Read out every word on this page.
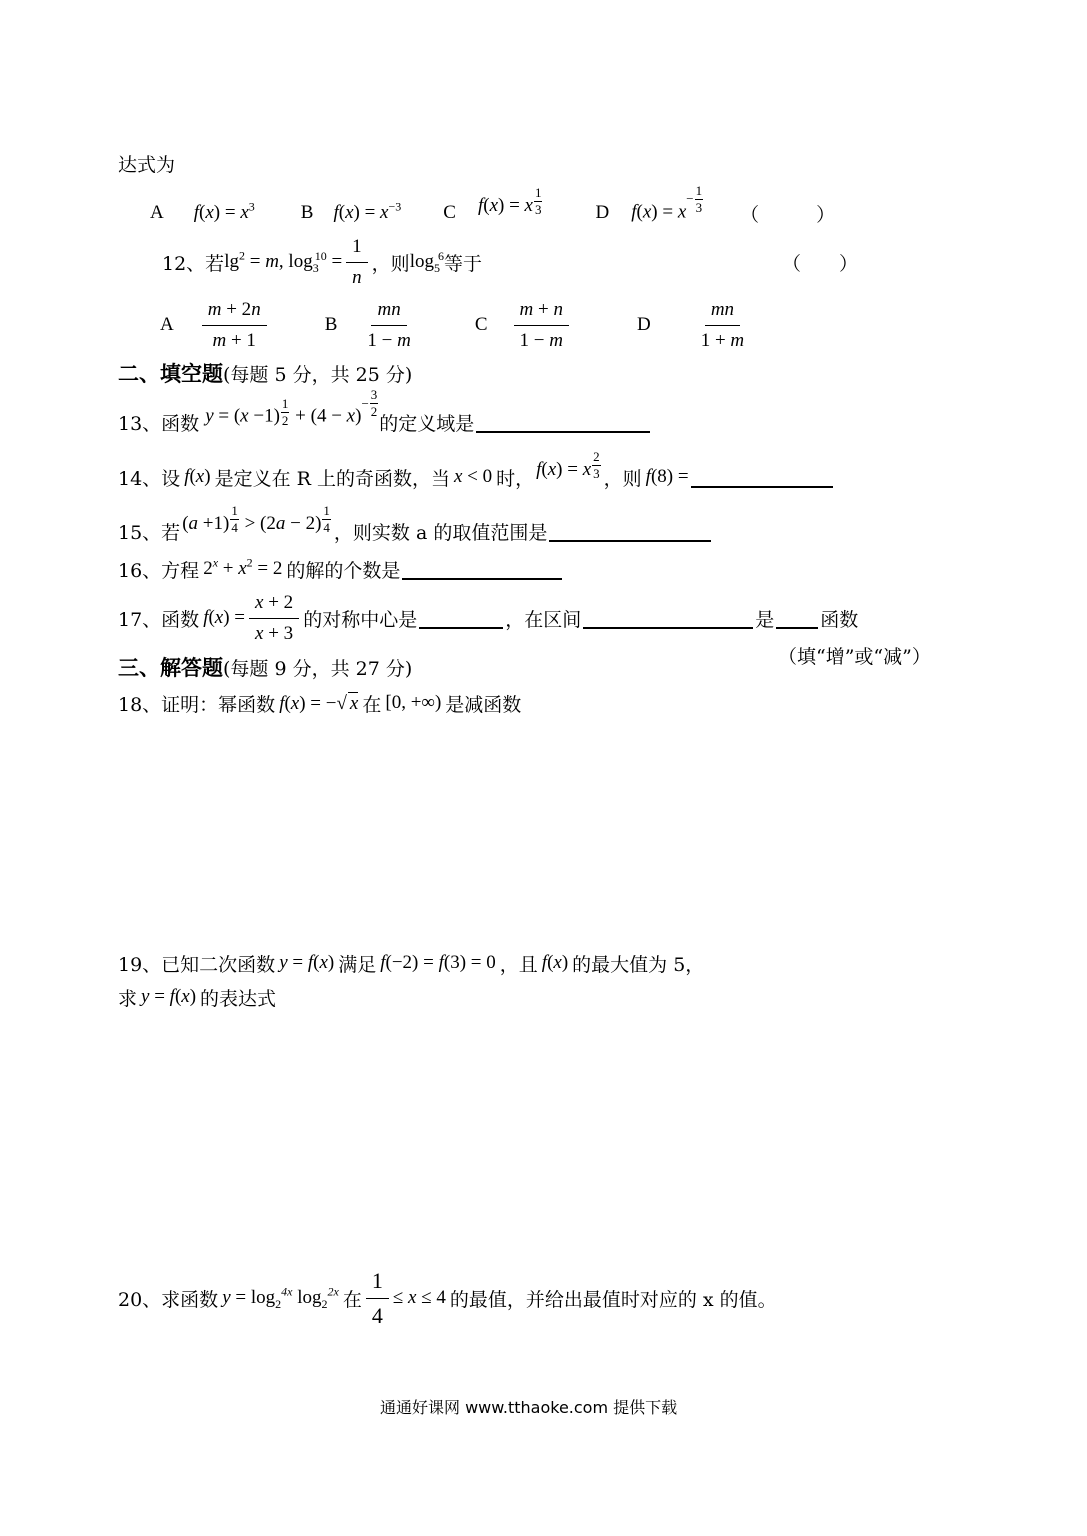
达式为
A $f(x) = x^3$ B $f(x) = x^{-3}$ C f(x) = x $\frac{1}{3}$	D $f(x) = x- \frac{1}{3}$ （　　　）
12、若 $\lg^2 = m$, $\log_3^{10} = \frac{1}{n}$ ，则 $\log_5^6$ 等于	（　　）
A $\frac{m + 2n}{m + 1}$	B $\frac{mn}{1 - m}$	C $\frac{m + n}{1 - m}$	D $\frac{mn}{1 + m}$
二、填空题 (每题 5 分，共 25 分)
13、函数 $y = (x -1) \frac{1}{2} + (4 - x)- \frac{3}{2}$
的定义域是
14、设 f(x) 是定义在 R 上的奇函数，当 x < 0 时， f(x) = x $\frac{2}{3}$ ，则 f(8) =
15、若 $(a +1) \frac{1}{4} > (2a - 2) \frac{1}{4}$ ，则实数 a 的取值范围是
16、方程 $2^x + x^2 = 2$ 的解的个数是
17、函数 $f(x) = \frac{x + 2}{x + 3}$ 的对称中心是	，在区间	是 函数
三、解答题 (每题 9 分，共 27 分)
（填“增”或“减”）
18、证明：幂函数 f(x) = −√ x 在 [0, +∞) 是减函数
19、已知二次函数 y = f(x) 满足 f(−2) = f(3) = 0 ，且 f(x) 的最大值为 5，
求 y = f(x) 的表达式
20、求函数 $y = \log_2^{4x} \log_2^{2x}$ 在 $\frac{1}{4} \le x \le 4$ 的最值，并给出最值时对应的 x 的值。
通通好课网 www.tthaoke.com 提供下载
